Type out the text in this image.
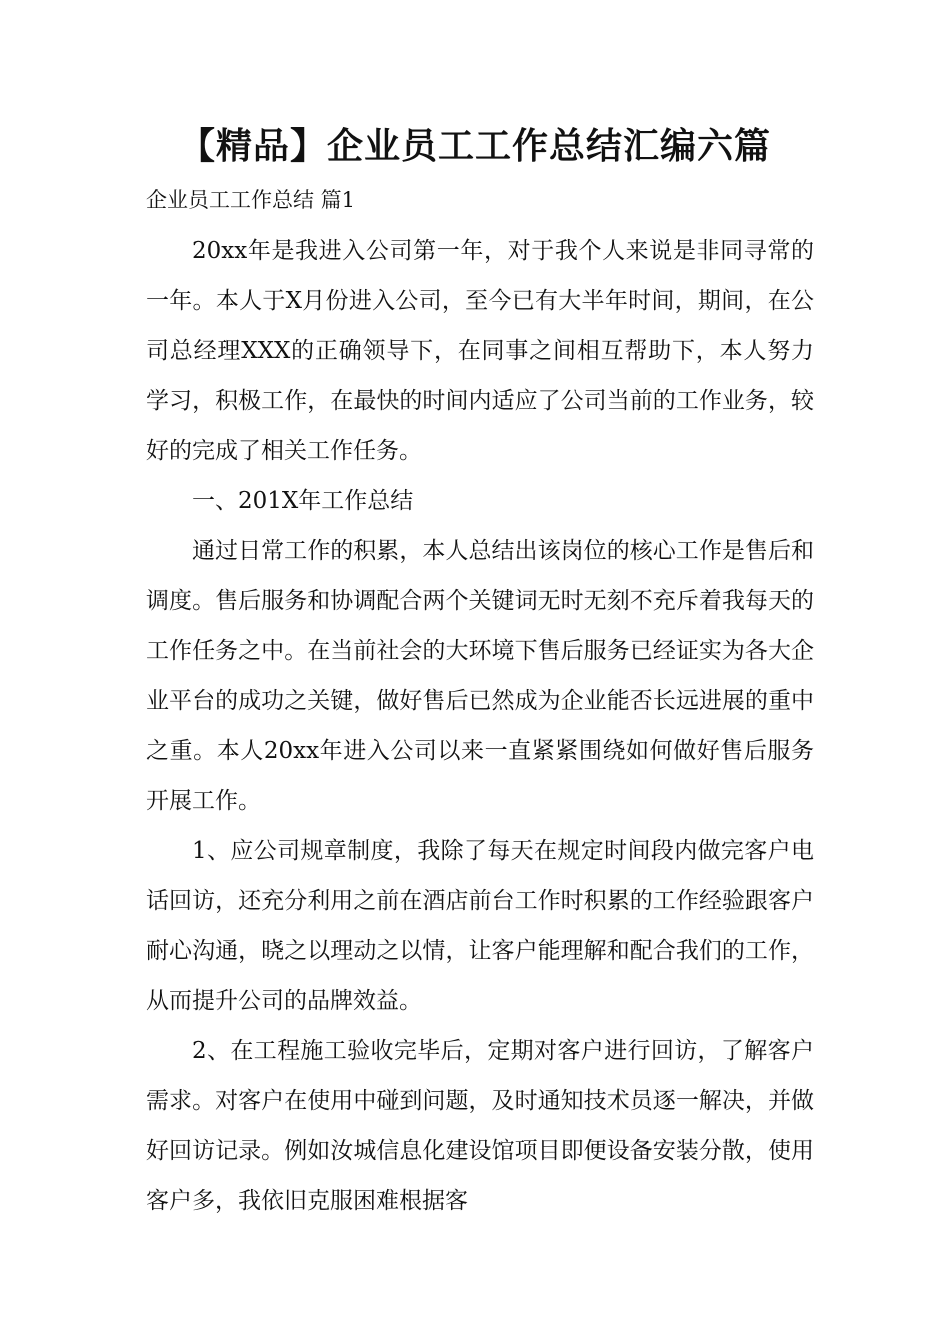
【精品】企业员工工作总结汇编六篇
企业员工工作总结 篇1

20xx年是我进入公司第一年，对于我个人来说是非同寻常的一年。本人于X月份进入公司，至今已有大半年时间，期间，在公司总经理XXX的正确领导下，在同事之间相互帮助下，本人努力学习，积极工作，在最快的时间内适应了公司当前的工作业务，较好的完成了相关工作任务。

一、201X年工作总结

通过日常工作的积累，本人总结出该岗位的核心工作是售后和调度。售后服务和协调配合两个关键词无时无刻不充斥着我每天的工作任务之中。在当前社会的大环境下售后服务已经证实为各大企业平台的成功之关键，做好售后已然成为企业能否长远进展的重中之重。本人20xx年进入公司以来一直紧紧围绕如何做好售后服务开展工作。

1、应公司规章制度，我除了每天在规定时间段内做完客户电话回访，还充分利用之前在酒店前台工作时积累的工作经验跟客户耐心沟通，晓之以理动之以情，让客户能理解和配合我们的工作，从而提升公司的品牌效益。

2、在工程施工验收完毕后，定期对客户进行回访，了解客户需求。对客户在使用中碰到问题，及时通知技术员逐一解决，并做好回访记录。例如汝城信息化建设馆项目即便设备安装分散，使用客户多，我依旧克服困难根据客
